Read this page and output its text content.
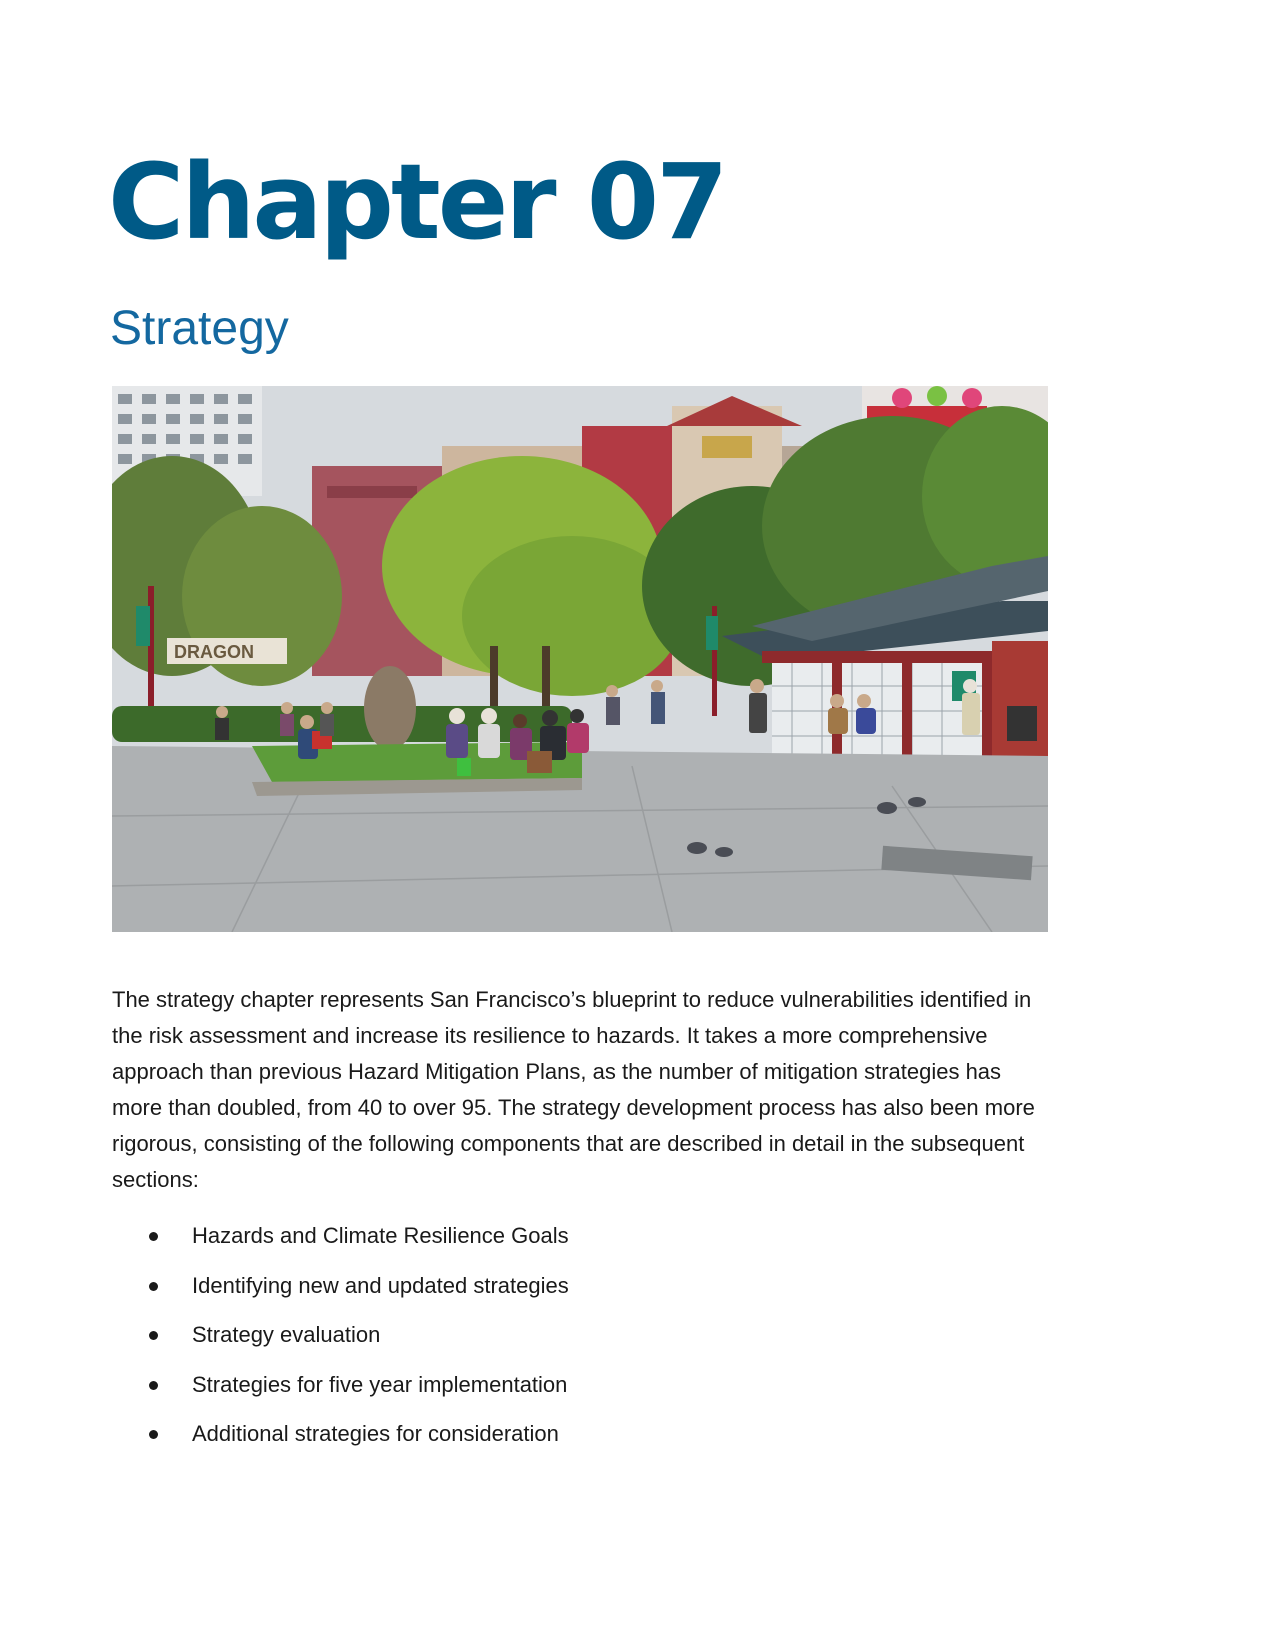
Chapter 07
Strategy
DRAGON

The strategy chapter represents San Francisco’s blueprint to reduce vulnerabilities identified in the risk assessment and increase its resilience to hazards. It takes a more comprehensive approach than previous Hazard Mitigation Plans, as the number of mitigation strategies has more than doubled, from 40 to over 95. The strategy development process has also been more rigorous, consisting of the following components that are described in detail in the subsequent sections:

Hazards and Climate Resilience Goals
Identifying new and updated strategies
Strategy evaluation
Strategies for five year implementation
Additional strategies for consideration
